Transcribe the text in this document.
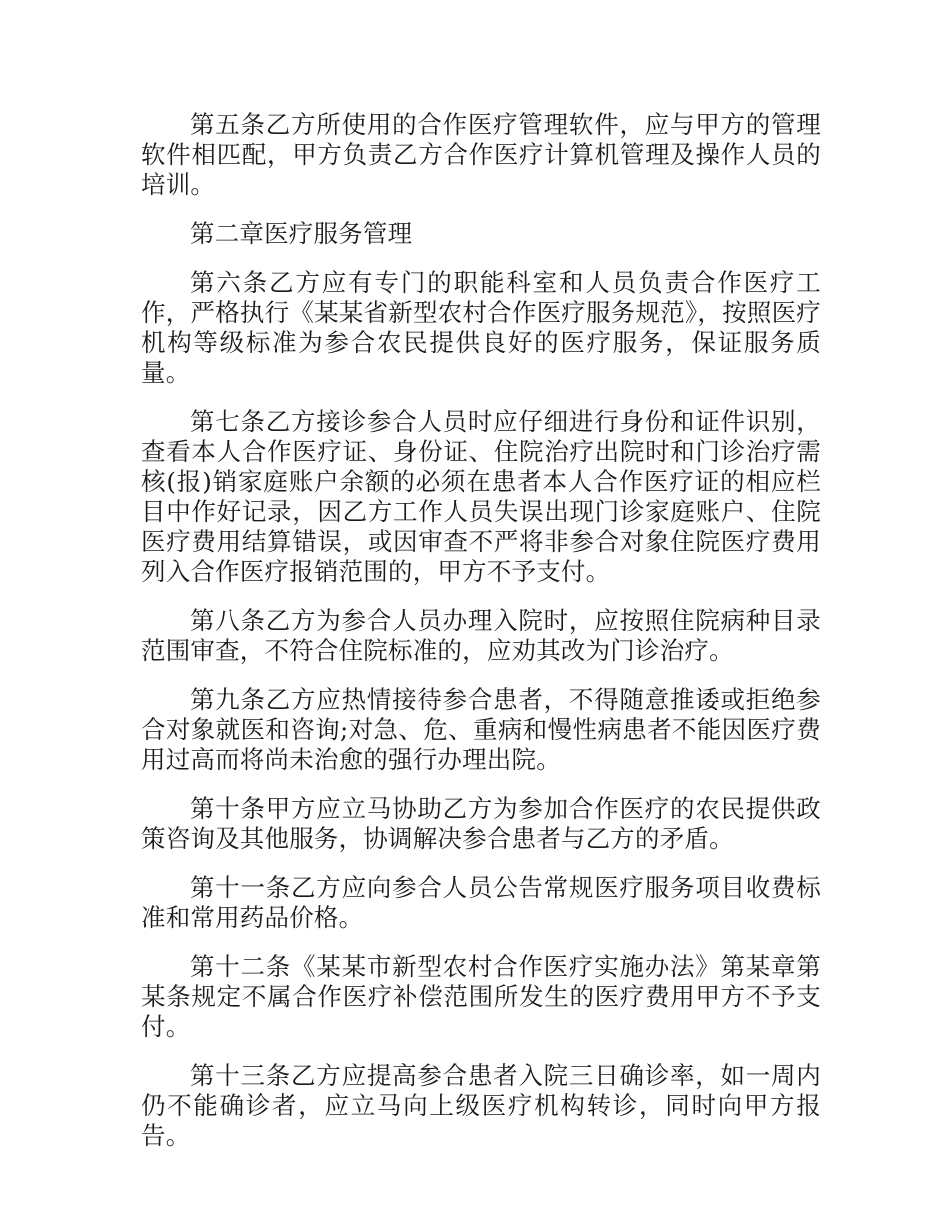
第五条乙方所使用的合作医疗管理软件，应与甲方的管理软件相匹配，甲方负责乙方合作医疗计算机管理及操作人员的培训。

第二章医疗服务管理

第六条乙方应有专门的职能科室和人员负责合作医疗工作，严格执行《某某省新型农村合作医疗服务规范》，按照医疗机构等级标准为参合农民提供良好的医疗服务，保证服务质量。

第七条乙方接诊参合人员时应仔细进行身份和证件识别，查看本人合作医疗证、身份证、住院治疗出院时和门诊治疗需核(报)销家庭账户余额的必须在患者本人合作医疗证的相应栏目中作好记录，因乙方工作人员失误出现门诊家庭账户、住院医疗费用结算错误，或因审查不严将非参合对象住院医疗费用列入合作医疗报销范围的，甲方不予支付。

第八条乙方为参合人员办理入院时，应按照住院病种目录范围审查，不符合住院标准的，应劝其改为门诊治疗。

第九条乙方应热情接待参合患者，不得随意推诿或拒绝参合对象就医和咨询;对急、危、重病和慢性病患者不能因医疗费用过高而将尚未治愈的强行办理出院。

第十条甲方应立马协助乙方为参加合作医疗的农民提供政策咨询及其他服务，协调解决参合患者与乙方的矛盾。

第十一条乙方应向参合人员公告常规医疗服务项目收费标准和常用药品价格。

第十二条《某某市新型农村合作医疗实施办法》第某章第某条规定不属合作医疗补偿范围所发生的医疗费用甲方不予支付。

第十三条乙方应提高参合患者入院三日确诊率，如一周内仍不能确诊者，应立马向上级医疗机构转诊，同时向甲方报告。
